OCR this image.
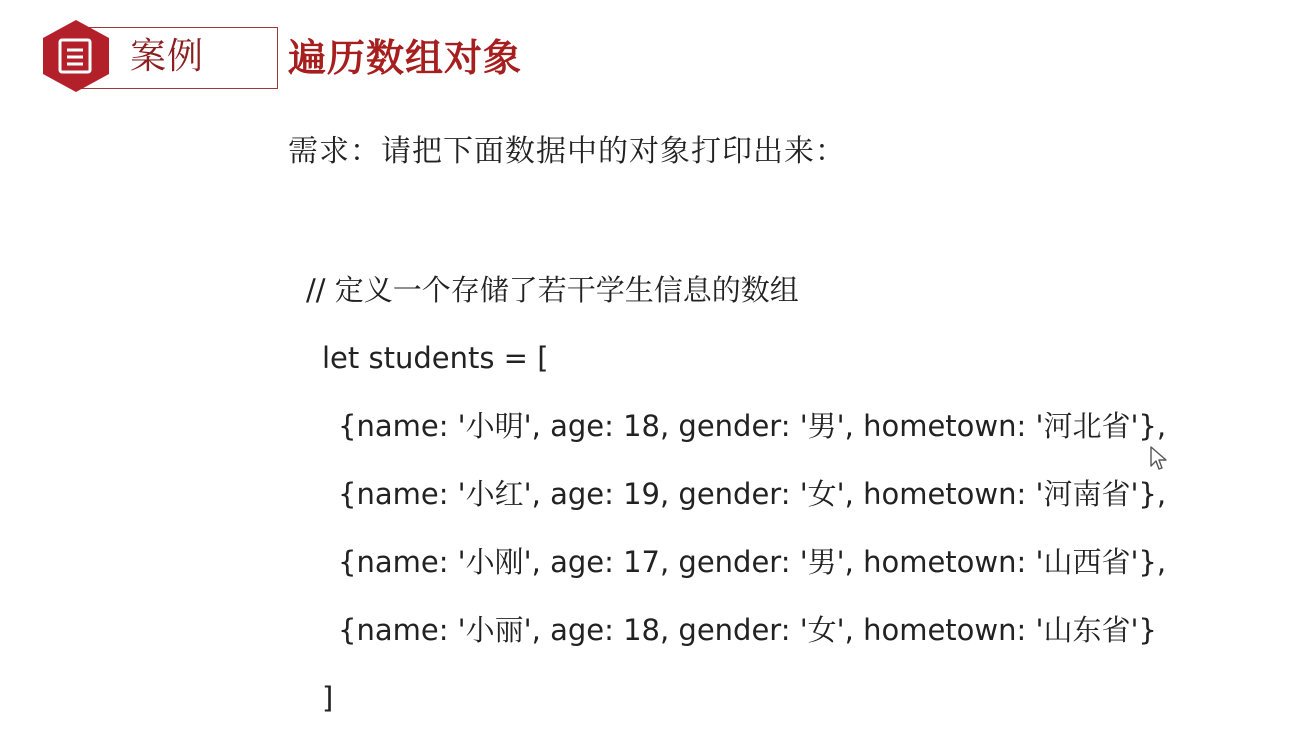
案例 遍历数组对象
需求：请把下面数据中的对象打印出来：
// 定义一个存储了若干学生信息的数组
let students = [
{name: '小明', age: 18, gender: '男', hometown: '河北省'},
{name: '小红', age: 19, gender: '女', hometown: '河南省'},
{name: '小刚', age: 17, gender: '男', hometown: '山西省'},
{name: '小丽', age: 18, gender: '女', hometown: '山东省'}
]
